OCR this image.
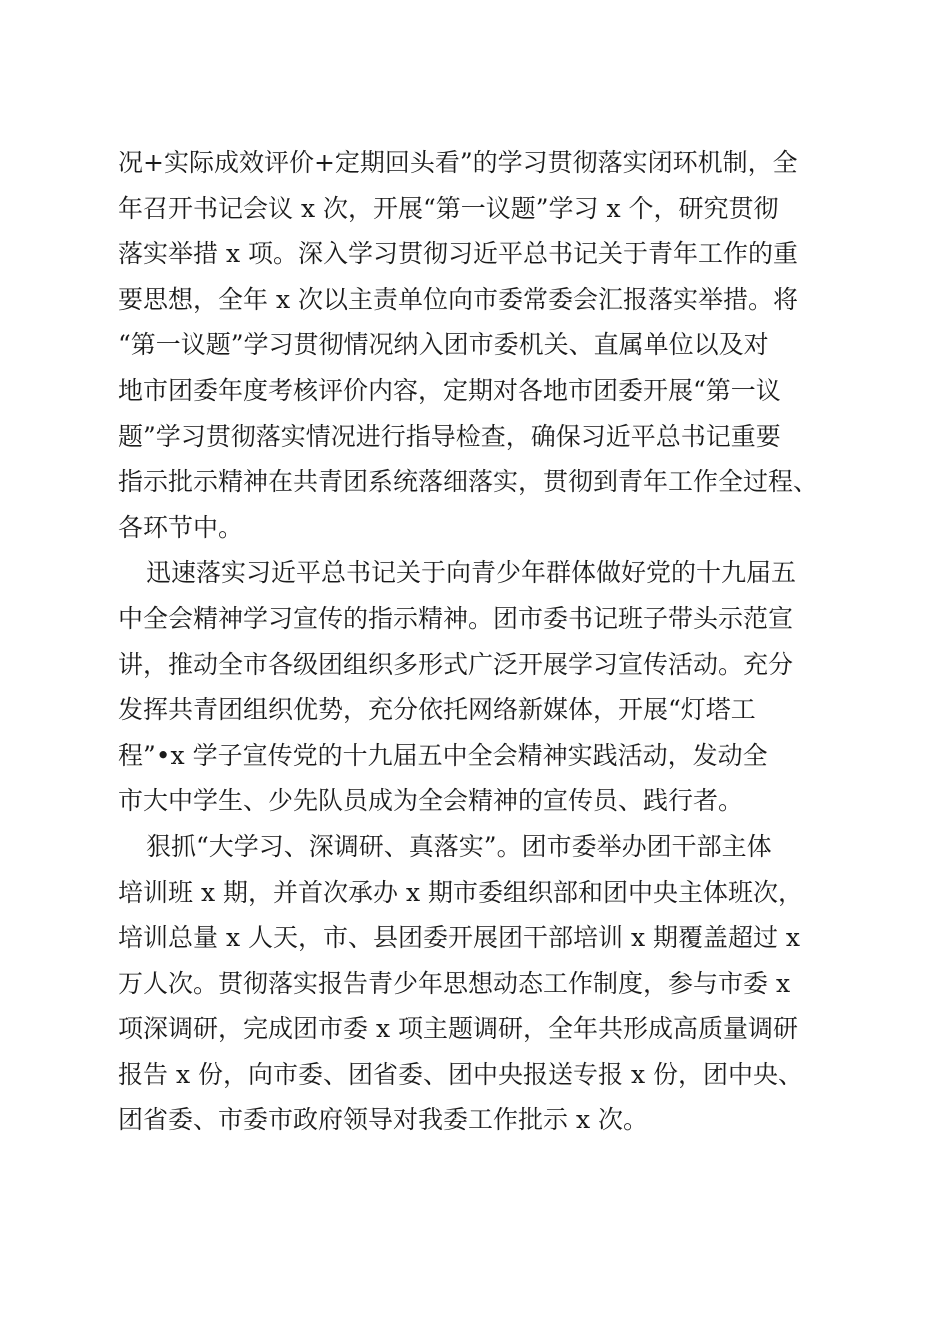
况+实际成效评价+定期回头看”的学习贯彻落实闭环机制，全
年召开书记会议 x 次，开展“第一议题”学习 x 个，研究贯彻
落实举措 x 项。深入学习贯彻习近平总书记关于青年工作的重
要思想，全年 x 次以主责单位向市委常委会汇报落实举措。将
“第一议题”学习贯彻情况纳入团市委机关、直属单位以及对
地市团委年度考核评价内容，定期对各地市团委开展“第一议
题”学习贯彻落实情况进行指导检查，确保习近平总书记重要
指示批示精神在共青团系统落细落实，贯彻到青年工作全过程、
各环节中。
迅速落实习近平总书记关于向青少年群体做好党的十九届五
中全会精神学习宣传的指示精神。团市委书记班子带头示范宣
讲，推动全市各级团组织多形式广泛开展学习宣传活动。充分
发挥共青团组织优势，充分依托网络新媒体，开展“灯塔工
程”•x 学子宣传党的十九届五中全会精神实践活动，发动全
市大中学生、少先队员成为全会精神的宣传员、践行者。
狠抓“大学习、深调研、真落实”。团市委举办团干部主体
培训班 x 期，并首次承办 x 期市委组织部和团中央主体班次，
培训总量 x 人天，市、县团委开展团干部培训 x 期覆盖超过 x
万人次。贯彻落实报告青少年思想动态工作制度，参与市委 x
项深调研，完成团市委 x 项主题调研，全年共形成高质量调研
报告 x 份，向市委、团省委、团中央报送专报 x 份，团中央、
团省委、市委市政府领导对我委工作批示 x 次。
